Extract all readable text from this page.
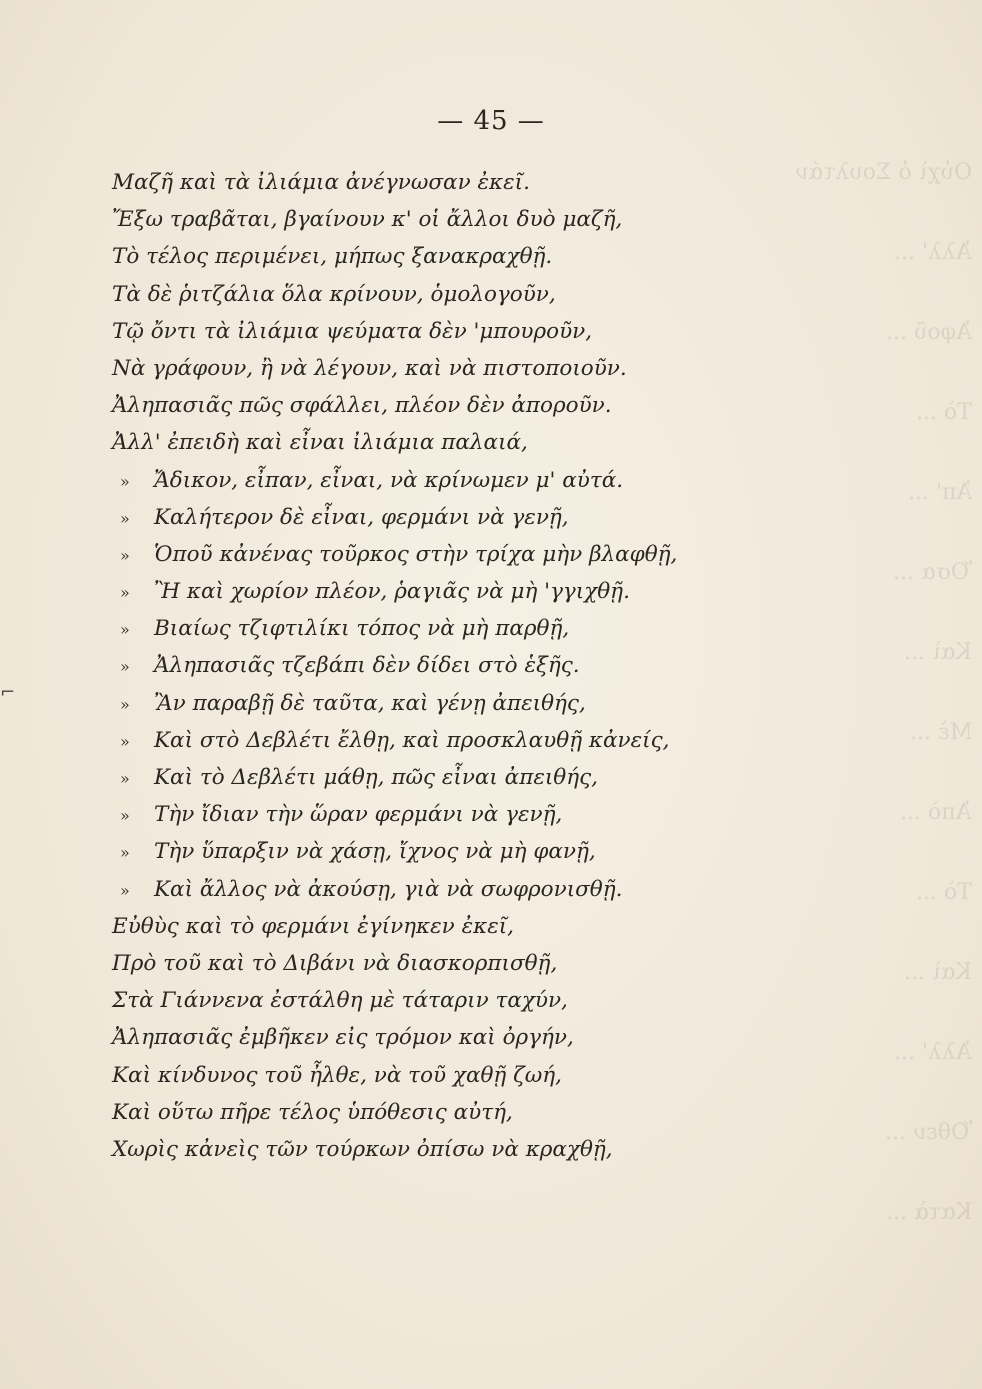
Οὐχὶ ὁ Σουλτάν
Ἀλλ' ...
Ἀφοῦ ...
Τὸ ...
Ἀπ' ...
Ὅσα ...
Καὶ ...
Μὲ ...
Ἀπὸ ...
Τὸ ...
Καὶ ...
Ἀλλ' ...
Ὅθεν ...
Κατὰ ...
⌐
— 45 —
Μαζῆ καὶ τὰ ἰλιάμια ἀνέγνωσαν ἐκεῖ.
Ἔξω τραβᾶται, βγαίνουν κ' οἱ ἄλλοι δυὸ μαζῆ,
Τὸ τέλος περιμένει, μήπως ξανακραχθῇ.
Τὰ δὲ ῥιτζάλια ὅλα κρίνουν, ὁμολογοῦν,
Τῷ ὄντι τὰ ἰλιάμια ψεύματα δὲν 'μπουροῦν,
Νὰ γράφουν, ἢ νὰ λέγουν, καὶ νὰ πιστοποιοῦν.
Ἀληπασιᾶς πῶς σφάλλει, πλέον δὲν ἀποροῦν.
Ἀλλ' ἐπειδὴ καὶ εἶναι ἰλιάμια παλαιά,
» Ἄδικον, εἶπαν, εἶναι, νὰ κρίνωμεν μ' αὐτά.
» Καλήτερον δὲ εἶναι, φερμάνι νὰ γενῇ,
» Ὁποῦ κἀνένας τοῦρκος στὴν τρίχα μὴν βλαφθῇ,
» Ἢ καὶ χωρίον πλέον, ῥαγιᾶς νὰ μὴ 'γγιχθῇ.
» Βιαίως τζιφτιλίκι τόπος νὰ μὴ παρθῇ,
» Ἀληπασιᾶς τζεβάπι δὲν δίδει στὸ ἑξῆς.
» Ἂν παραβῇ δὲ ταῦτα, καὶ γένῃ ἀπειθής,
» Καὶ στὸ Δεβλέτι ἔλθῃ, καὶ προσκλαυθῇ κἀνείς,
» Καὶ τὸ Δεβλέτι μάθῃ, πῶς εἶναι ἀπειθής,
» Τὴν ἴδιαν τὴν ὥραν φερμάνι νὰ γενῇ,
» Τὴν ὕπαρξιν νὰ χάσῃ, ἴχνος νὰ μὴ φανῇ,
» Καὶ ἄλλος νὰ ἀκούσῃ, γιὰ νὰ σωφρονισθῇ.
Εὐθὺς καὶ τὸ φερμάνι ἐγίνηκεν ἐκεῖ,
Πρὸ τοῦ καὶ τὸ Διβάνι νὰ διασκορπισθῇ,
Στὰ Γιάννενα ἐστάλθη μὲ τάταριν ταχύν,
Ἀληπασιᾶς ἐμβῆκεν εἰς τρόμον καὶ ὀργήν,
Καὶ κίνδυνος τοῦ ἦλθε, νὰ τοῦ χαθῇ ζωή,
Καὶ οὕτω πῆρε τέλος ὑπόθεσις αὐτή,
Χωρὶς κἀνεὶς τῶν τούρκων ὀπίσω νὰ κραχθῇ,
